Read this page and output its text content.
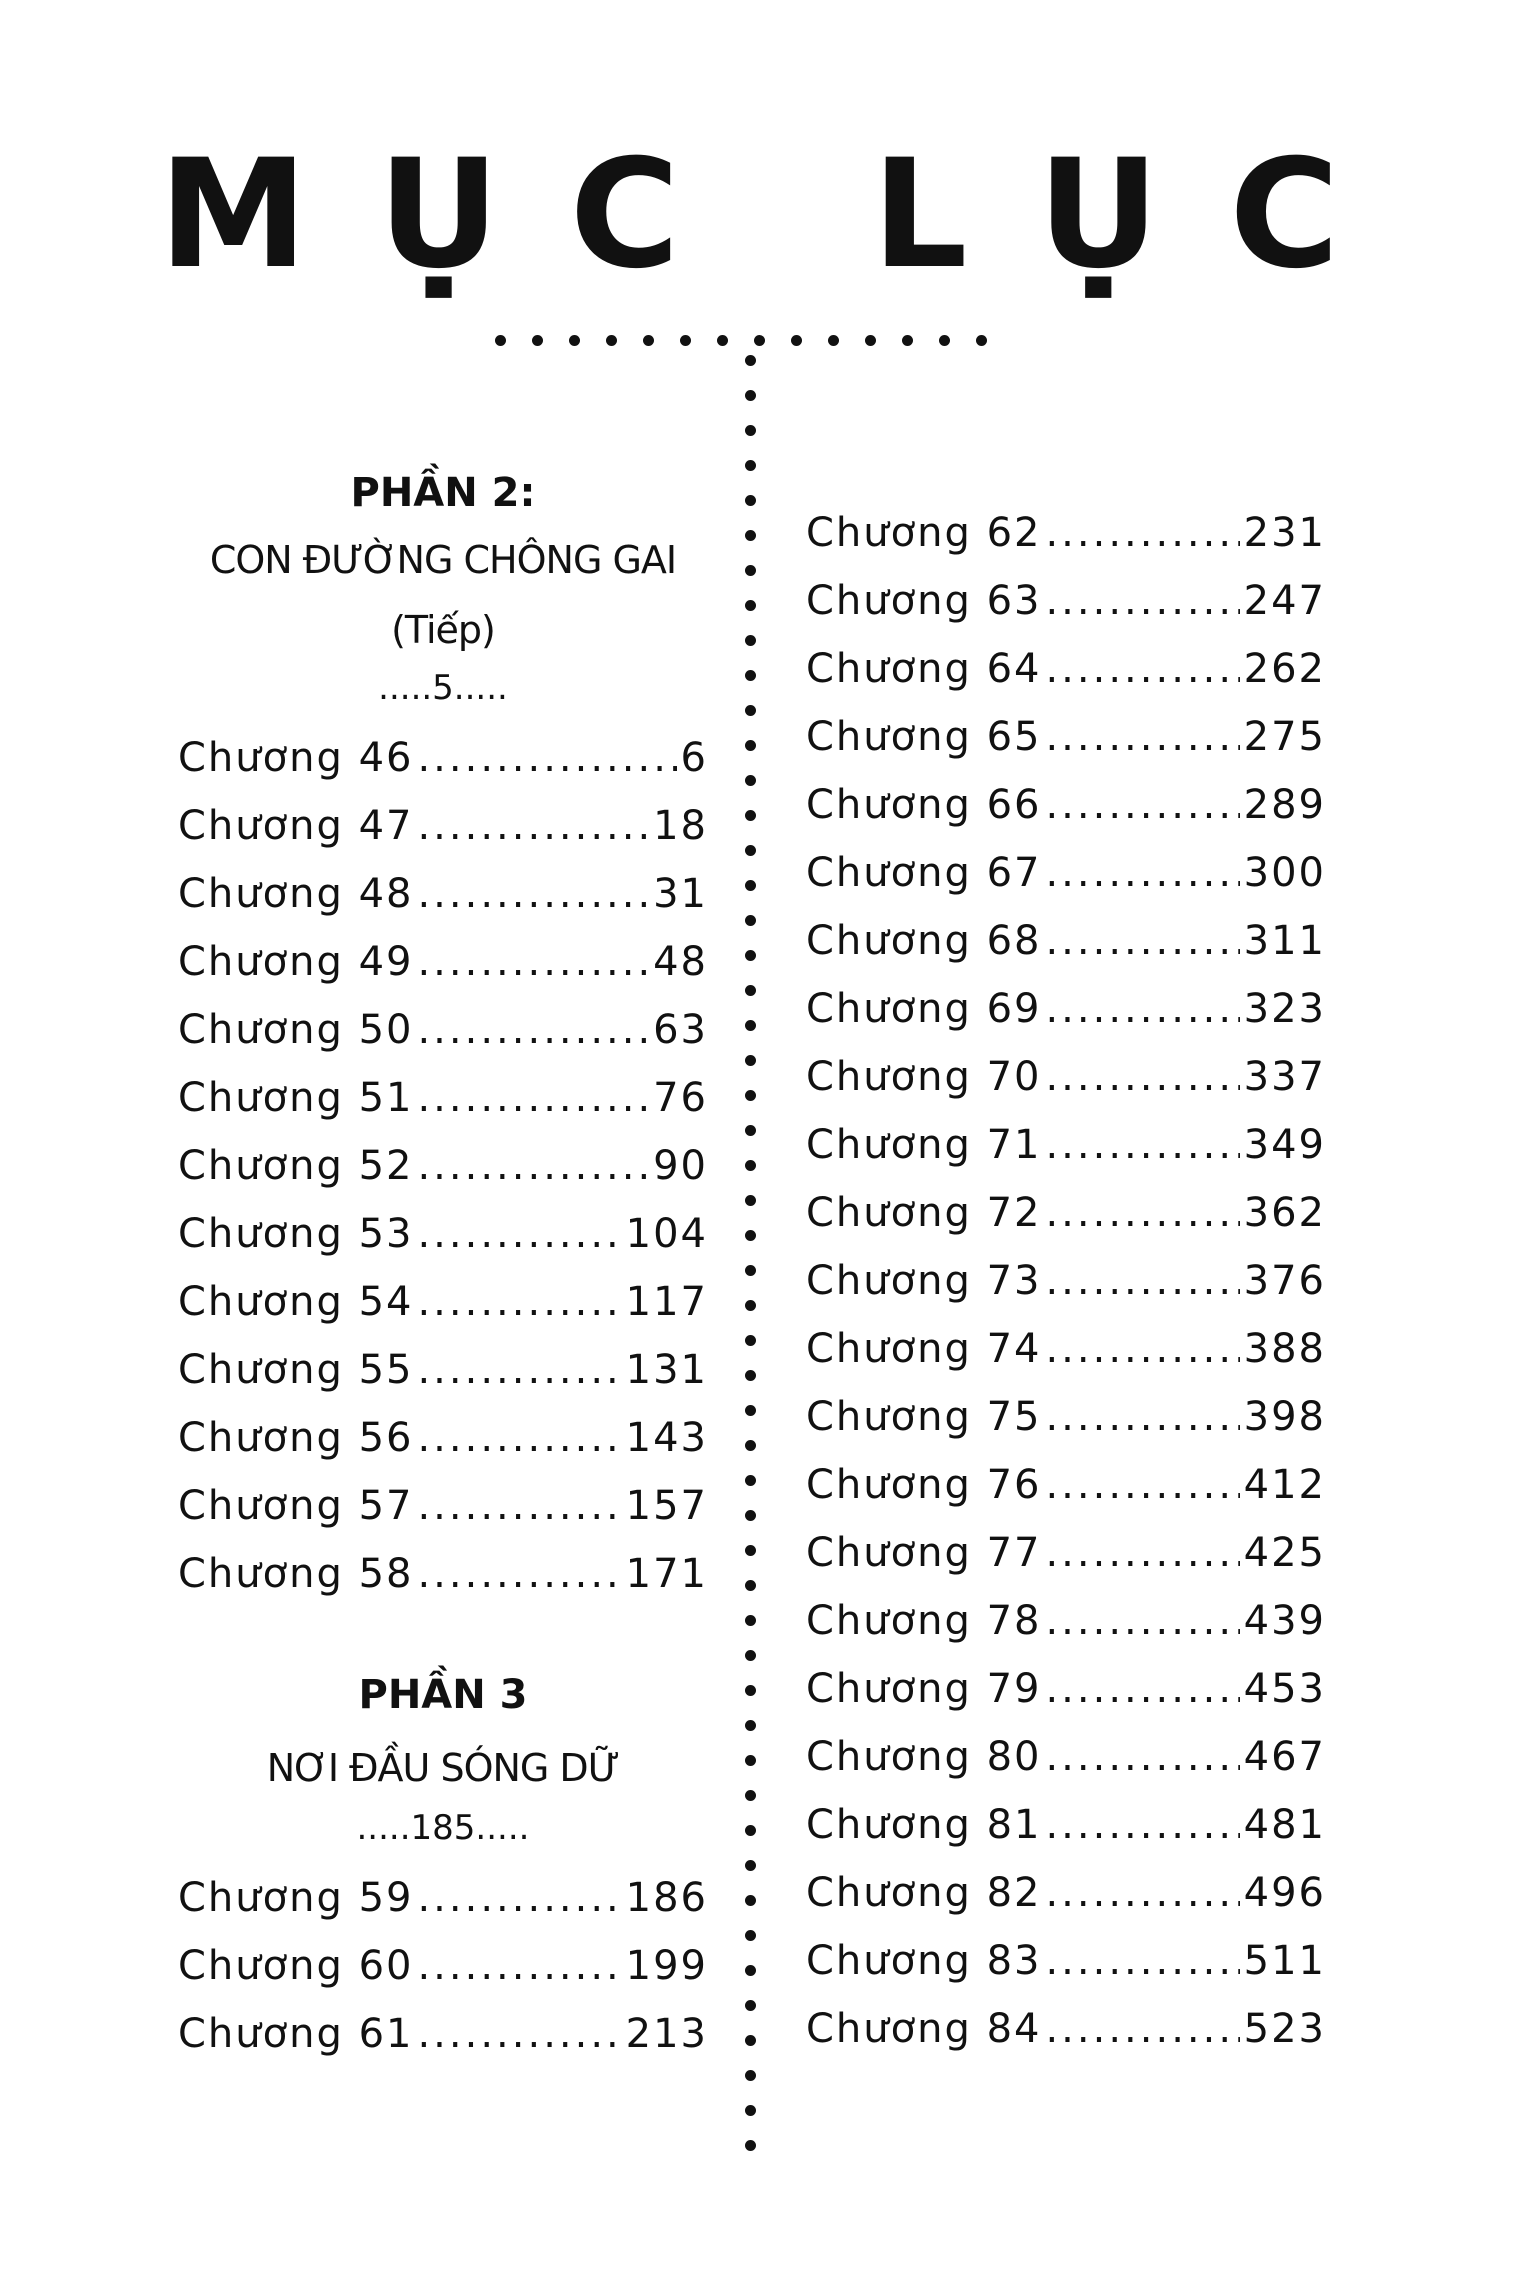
MỤC LỤC
PHẦN 2:
CON ĐƯỜNG CHÔNG GAI
(Tiếp)
.....5.....
Chương 46 .....	6
Chương 47 .....	18
Chương 48 .....	31
Chương 49 .....	48
Chương 50 .....	63
Chương 51 .....	76
Chương 52 .....	90
Chương 53 .....	104
Chương 54 .....	117
Chương 55 .....	131
Chương 56 .....	143
Chương 57 .....	157
Chương 58 .....	171
PHẦN 3
NƠI ĐẦU SÓNG DỮ
.....185.....
Chương 59 .....	186
Chương 60 .....	199
Chương 61 .....	213
Chương 62 .....	231
Chương 63 .....	247
Chương 64 .....	262
Chương 65 .....	275
Chương 66 .....	289
Chương 67 .....	300
Chương 68 .....	311
Chương 69 .....	323
Chương 70 .....	337
Chương 71 .....	349
Chương 72 .....	362
Chương 73 .....	376
Chương 74 .....	388
Chương 75 .....	398
Chương 76 .....	412
Chương 77 .....	425
Chương 78 .....	439
Chương 79 .....	453
Chương 80 .....	467
Chương 81 .....	481
Chương 82 .....	496
Chương 83 .....	511
Chương 84 .....	523
